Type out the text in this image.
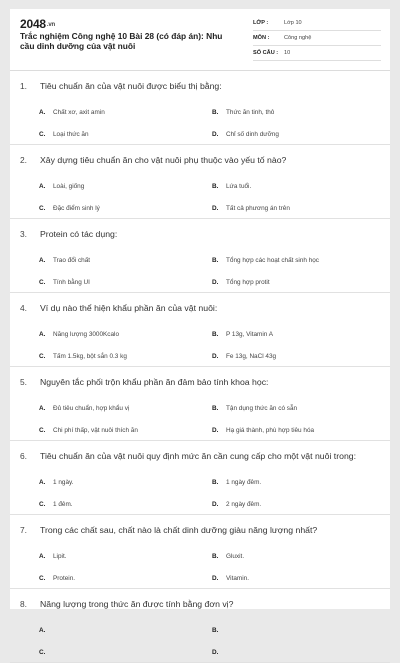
2048.vn
Trắc nghiệm Công nghệ 10 Bài 28 (có đáp án): Nhu cầu dinh dưỡng của vật nuôi
LỚP :	Lớp 10
MÔN :	Công nghệ
SỐ CÂU : 10
1. Tiêu chuẩn ăn của vật nuôi được biểu thị bằng:
A. Chất xơ, axit amin	B. Thức ăn tinh, thô
C. Loại thức ăn	D. Chỉ số dinh dưỡng
2. Xây dựng tiêu chuẩn ăn cho vật nuôi phụ thuộc vào yếu tố nào?
A. Loài, giống	B. Lứa tuổi.
C. Đặc điểm sinh lý	D. Tất cả phương án trên
3. Protein có tác dụng:
A. Trao đổi chất	B. Tổng hợp các hoạt chất sinh học
C. Tính bằng UI	D. Tổng hợp protit
4. Ví dụ nào thể hiện khẩu phần ăn của vật nuôi:
A. Năng lượng 3000Kcalo	B. P 13g, Vitamin A
C. Tấm 1.5kg, bột sắn 0.3 kg	D. Fe 13g, NaCl 43g
5. Nguyên tắc phối trộn khẩu phần ăn đảm bảo tính khoa học:
A. Đủ tiêu chuẩn, hợp khẩu vị	B. Tận dụng thức ăn có sẵn
C. Chi phí thấp, vật nuôi thích ăn	D. Hạ giá thành, phù hợp tiêu hóa
6. Tiêu chuẩn ăn của vật nuôi quy định mức ăn cần cung cấp cho một vật nuôi trong:
A. 1 ngày.	B. 1 ngày đêm.
C. 1 đêm.	D. 2 ngày đêm.
7. Trong các chất sau, chất nào là chất dinh dưỡng giàu năng lượng nhất?
A. Lipit.	B. Gluxit.
C. Protein.	D. Vitamin.
8. Năng lượng trong thức ăn được tính bằng đơn vị?
A.	B.
C.	D.
